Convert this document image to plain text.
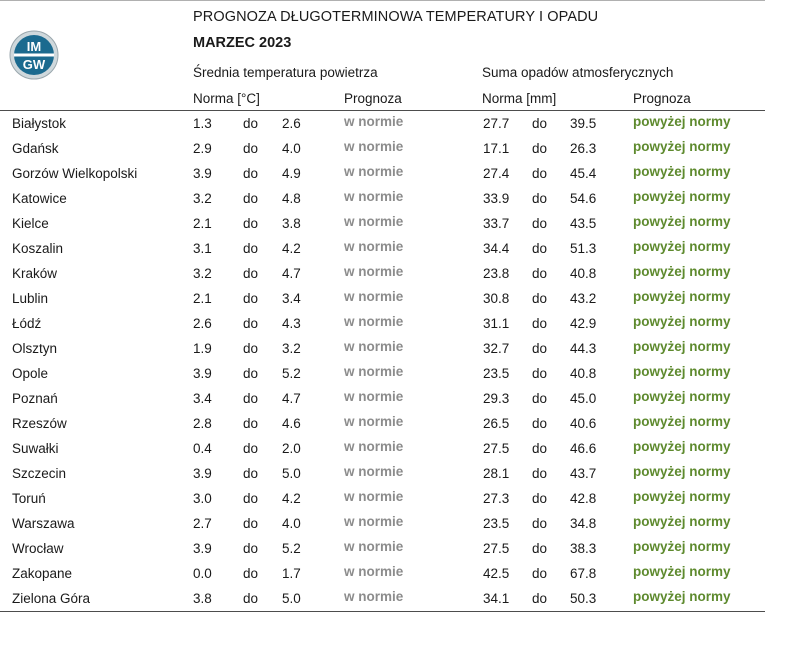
IM
GW
PROGNOZA DŁUGOTERMINOWA TEMPERATURY I OPADU
MARZEC 2023
Średnia temperatura powietrza	Suma opadów atmosferycznych
Norma [°C]	Prognoza	Norma [mm]	Prognoza
Białystok	1.3 do 2.6	w normie	27.7 do 39.5	powyżej normy
Gdańsk	2.9 do 4.0	w normie	17.1 do 26.3	powyżej normy
Gorzów Wielkopolski	3.9 do 4.9	w normie	27.4 do 45.4	powyżej normy
Katowice	3.2 do 4.8	w normie	33.9 do 54.6	powyżej normy
Kielce	2.1 do 3.8	w normie	33.7 do 43.5	powyżej normy
Koszalin	3.1 do 4.2	w normie	34.4 do 51.3	powyżej normy
Kraków	3.2 do 4.7	w normie	23.8 do 40.8	powyżej normy
Lublin	2.1 do 3.4	w normie	30.8 do 43.2	powyżej normy
Łódź	2.6 do 4.3	w normie	31.1 do 42.9	powyżej normy
Olsztyn	1.9 do 3.2	w normie	32.7 do 44.3	powyżej normy
Opole	3.9 do 5.2	w normie	23.5 do 40.8	powyżej normy
Poznań	3.4 do 4.7	w normie	29.3 do 45.0	powyżej normy
Rzeszów	2.8 do 4.6	w normie	26.5 do 40.6	powyżej normy
Suwałki	0.4 do 2.0	w normie	27.5 do 46.6	powyżej normy
Szczecin	3.9 do 5.0	w normie	28.1 do 43.7	powyżej normy
Toruń	3.0 do 4.2	w normie	27.3 do 42.8	powyżej normy
Warszawa	2.7 do 4.0	w normie	23.5 do 34.8	powyżej normy
Wrocław	3.9 do 5.2	w normie	27.5 do 38.3	powyżej normy
Zakopane	0.0 do 1.7	w normie	42.5 do 67.8	powyżej normy
Zielona Góra	3.8 do 5.0	w normie	34.1 do 50.3	powyżej normy
